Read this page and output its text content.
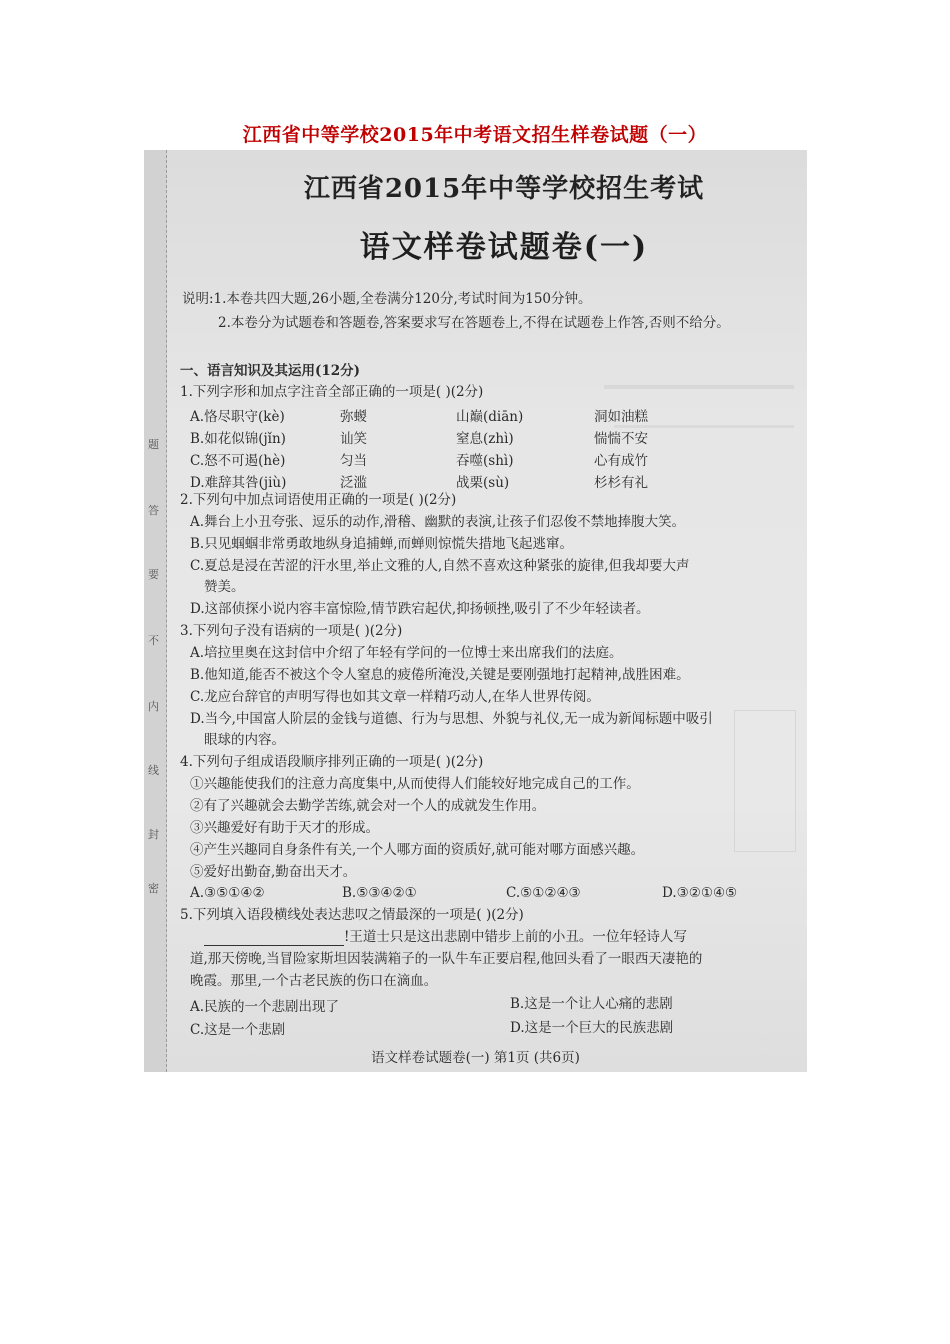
江西省中等学校2015年中考语文招生样卷试题（一）
题
答
要
不
内
线
封
密
江西省2015年中等学校招生考试
语文样卷试题卷(一)
说明:1.本卷共四大题,26小题,全卷满分120分,考试时间为150分钟。
2.本卷分为试题卷和答题卷,答案要求写在答题卷上,不得在试题卷上作答,否则不给分。
一、语言知识及其运用(12分)
1.下列字形和加点字注音全部正确的一项是( )(2分)
A.恪尽职守(kè)	弥蝬	山巅(diān)	洞如油糕
B.如花似锦(jǐn)	讪笑	窒息(zhì)	惴惴不安
C.怒不可遏(hè)	匀当	吞噬(shì)	心有成竹
D.难辞其咎(jiù)	泛滥	战栗(sù)	杉杉有礼
2.下列句中加点词语使用正确的一项是( )(2分)
A.舞台上小丑夸张、逗乐的动作,滑稽、幽默的表演,让孩子们忍俊不禁地捧腹大笑。
B.只见蝈蝈非常勇敢地纵身追捕蝉,而蝉则惊慌失措地飞起逃窜。
C.夏总是浸在苦涩的汗水里,举止文雅的人,自然不喜欢这种紧张的旋律,但我却要大声
赞美。
D.这部侦探小说内容丰富惊险,情节跌宕起伏,抑扬顿挫,吸引了不少年轻读者。
3.下列句子没有语病的一项是( )(2分)
A.培拉里奥在这封信中介绍了年轻有学问的一位博士来出席我们的法庭。
B.他知道,能否不被这个令人窒息的疲倦所淹没,关键是要刚强地打起精神,战胜困难。
C.龙应台辞官的声明写得也如其文章一样精巧动人,在华人世界传阅。
D.当今,中国富人阶层的金钱与道德、行为与思想、外貌与礼仪,无一成为新闻标题中吸引
眼球的内容。
4.下列句子组成语段顺序排列正确的一项是( )(2分)
①兴趣能使我们的注意力高度集中,从而使得人们能较好地完成自己的工作。
②有了兴趣就会去勤学苦练,就会对一个人的成就发生作用。
③兴趣爱好有助于天才的形成。
④产生兴趣同自身条件有关,一个人哪方面的资质好,就可能对哪方面感兴趣。
⑤爱好出勤奋,勤奋出天才。
A.③⑤①④②	B.⑤③④②①	C.⑤①②④③	D.③②①④⑤
5.下列填入语段横线处表达悲叹之情最深的一项是( )(2分)
!王道士只是这出悲剧中错步上前的小丑。一位年轻诗人写
道,那天傍晚,当冒险家斯坦因装满箱子的一队牛车正要启程,他回头看了一眼西天凄艳的
晚霞。那里,一个古老民族的伤口在滴血。
A.民族的一个悲剧出现了	B.这是一个让人心痛的悲剧
C.这是一个悲剧	D.这是一个巨大的民族悲剧
语文样卷试题卷(一) 第1页 (共6页)
